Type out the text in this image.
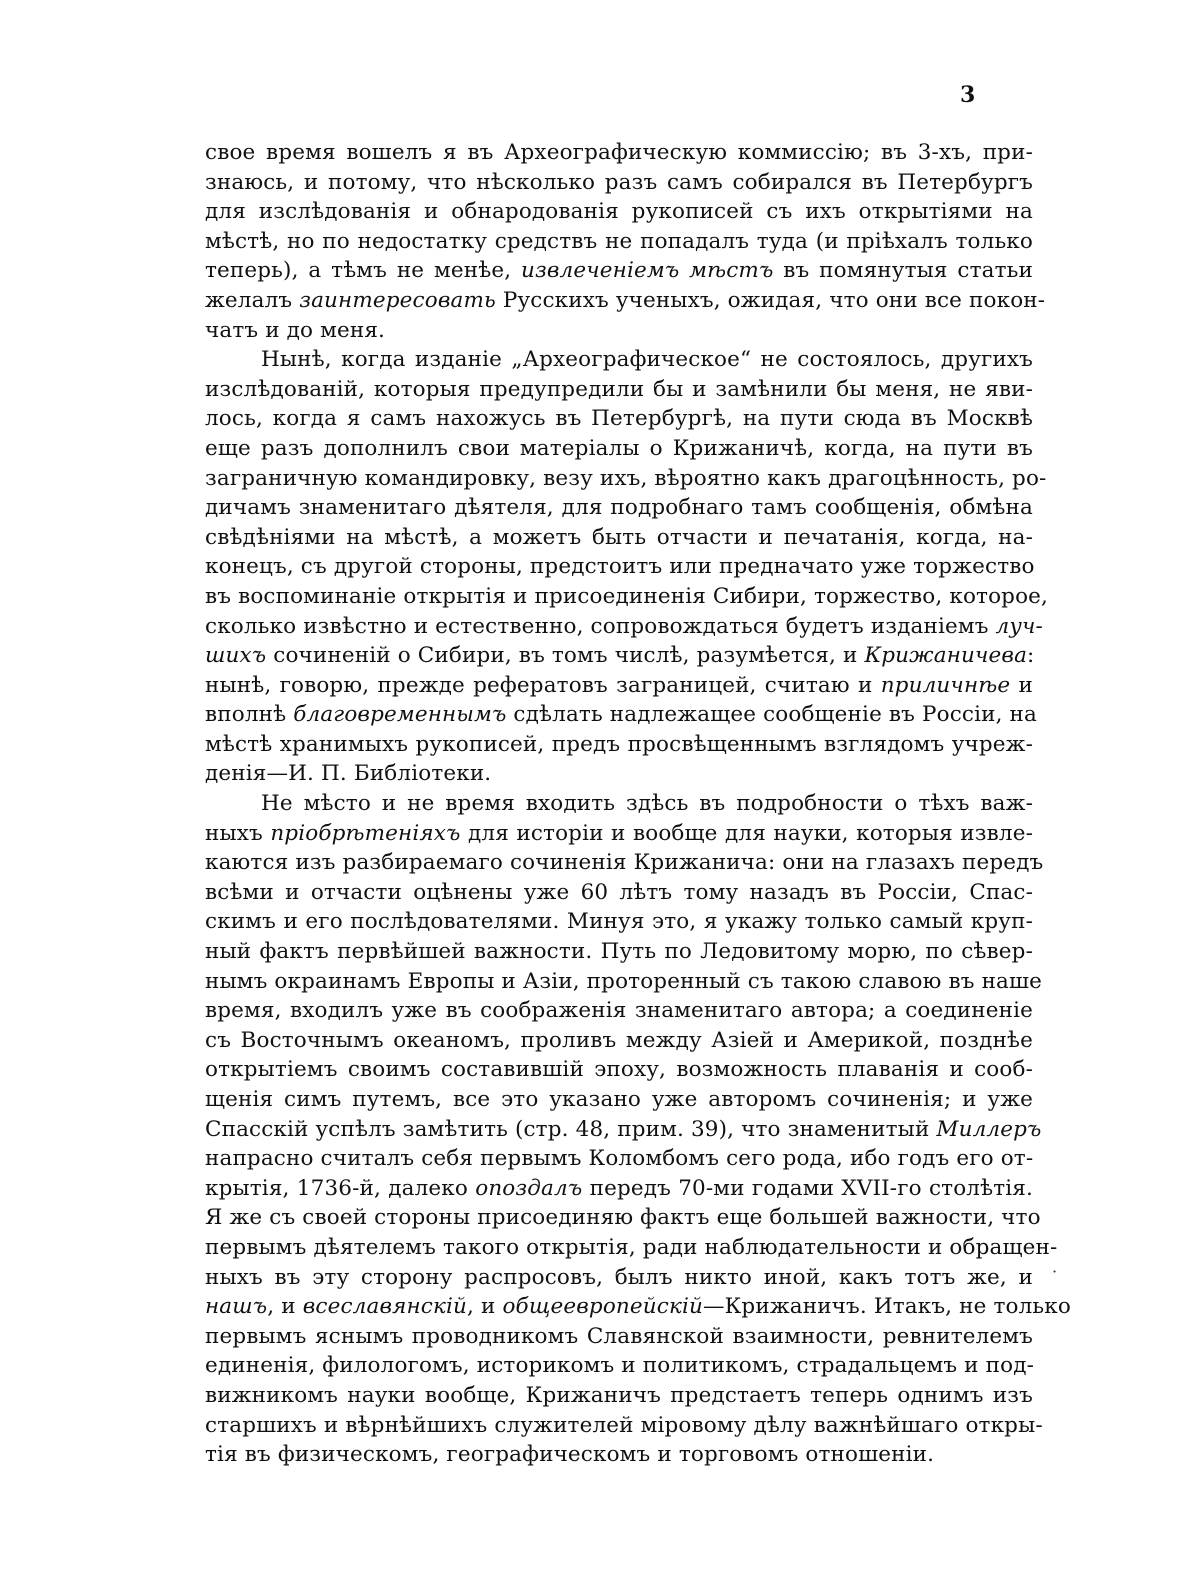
3
свое время вошелъ я въ Археографическую коммиссію; въ 3-хъ, при-
знаюсь, и потому, что нѣсколько разъ самъ собирался въ Петербургъ
для изслѣдованія и обнародованія рукописей съ ихъ открытіями на
мѣстѣ, но по недостатку средствъ не попадалъ туда (и пріѣхалъ только
теперь), а тѣмъ не менѣе, извлеченіемъ мѣстъ въ помянутыя статьи
желалъ заинтересовать Русскихъ ученыхъ, ожидая, что они все покон-
чатъ и до меня.
Нынѣ, когда изданіе „Археографическое“ не состоялось, другихъ
изслѣдованій, которыя предупредили бы и замѣнили бы меня, не яви-
лось, когда я самъ нахожусь въ Петербургѣ, на пути сюда въ Москвѣ
еще разъ дополнилъ свои матеріалы о Крижаничѣ, когда, на пути въ
заграничную командировку, везу ихъ, вѣроятно какъ драгоцѣнность, ро-
дичамъ знаменитаго дѣятеля, для подробнаго тамъ сообщенія, обмѣна
свѣдѣніями на мѣстѣ, а можетъ быть отчасти и печатанія, когда, на-
конецъ, съ другой стороны, предстоитъ или предначато уже торжество
въ воспоминаніе открытія и присоединенія Сибири, торжество, которое,
сколько извѣстно и естественно, сопровождаться будетъ изданіемъ луч-
шихъ сочиненій о Сибири, въ томъ числѣ, разумѣется, и Крижаничева:
нынѣ, говорю, прежде рефератовъ заграницей, считаю и приличнѣе и
вполнѣ благовременнымъ сдѣлать надлежащее сообщеніе въ Россіи, на
мѣстѣ хранимыхъ рукописей, предъ просвѣщеннымъ взглядомъ учреж-
денія—И. П. Библіотеки.
Не мѣсто и не время входить здѣсь въ подробности о тѣхъ важ-
ныхъ пріобрѣтеніяхъ для исторіи и вообще для науки, которыя извле-
каются изъ разбираемаго сочиненія Крижанича: они на глазахъ передъ
всѣми и отчасти оцѣнены уже 60 лѣтъ тому назадъ въ Россіи, Спас-
скимъ и его послѣдователями. Минуя это, я укажу только самый круп-
ный фактъ первѣйшей важности. Путь по Ледовитому морю, по сѣвер-
нымъ окраинамъ Европы и Азіи, проторенный съ такою славою въ наше
время, входилъ уже въ соображенія знаменитаго автора; а соединеніе
съ Восточнымъ океаномъ, проливъ между Азіей и Америкой, позднѣе
открытіемъ своимъ составившій эпоху, возможность плаванія и сооб-
щенія симъ путемъ, все это указано уже авторомъ сочиненія; и уже
Спасскій успѣлъ замѣтить (стр. 48, прим. 39), что знаменитый Миллеръ
напрасно считалъ себя первымъ Коломбомъ сего рода, ибо годъ его от-
крытія, 1736-й, далеко опоздалъ передъ 70-ми годами XVII-го столѣтія.
Я же съ своей стороны присоединяю фактъ еще большей важности, что
первымъ дѣятелемъ такого открытія, ради наблюдательности и обращен-
ныхъ въ эту сторону распросовъ, былъ никто иной, какъ тотъ же, и
нашъ, и всеславянскій, и общеевропейскій—Крижаничъ. Итакъ, не только
первымъ яснымъ проводникомъ Славянской взаимности, ревнителемъ
единенія, филологомъ, историкомъ и политикомъ, страдальцемъ и под-
вижникомъ науки вообще, Крижаничъ предстаетъ теперь однимъ изъ
старшихъ и вѣрнѣйшихъ служителей міровому дѣлу важнѣйшаго откры-
тія въ физическомъ, географическомъ и торговомъ отношеніи.
·
